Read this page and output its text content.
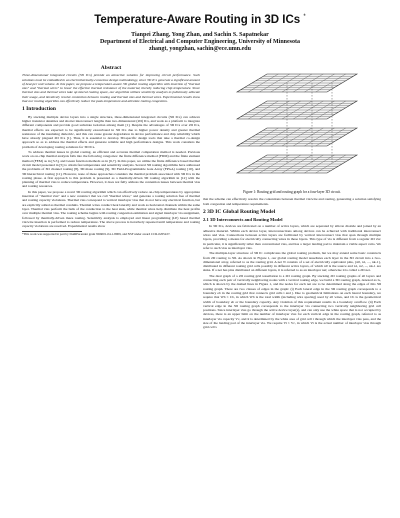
Temperature-Aware Routing in 3D ICs *
Tianpei Zhang, Yong Zhan, and Sachin S. Sapatnekar
Department of Electrical and Computer Engineering, University of Minnesota
zhangt, yongzhan, sachin@ece.umn.edu
Abstract
Three-dimensional integrated circuits (3D ICs) provide an attractive solution for improving circuit performance. Such solutions must be embedded in an electrothermally-conscious design methodology, since 3D ICs generate a significant amount of heat per unit volume. In this paper, we propose a temperature-aware 3D global routing algorithm with insertion of "thermal vias" and "thermal wires" to lower the effective thermal resistance of the material, thereby reducing chip temperature. Since thermal vias and thermal wires take up lateral routing space, our algorithm utilizes sensitivity analysis to judiciously allocate their usage, and iteratively resolve contention between routing and thermal vias and thermal wires. Experimental results show that our routing algorithm can effectively reduce the peak temperature and alleviate routing congestion.
1 Introduction

By stacking multiple device layers into a single structure, three-dimensional integrated circuits (3D ICs) can achieve higher transistor densities and shorter interconnect lengths than two-dimensional (2D) ICs, and work as a platform to integrate different components and provide good substrate isolation among them [1]. Despite the advantages of 3D ICs over 2D ICs, thermal effects are expected to be significantly exacerbated in 3D ICs due to higher power density and greater thermal resistance of the insulating dielectric, and this can cause greater degradation in device performance and chip reliability which have already plagued 2D ICs [1]. Thus, it is essential to develop 3D-specific design tools that take a thermal co-design approach so as to address the thermal effects and generate reliable and high performance designs. This work considers the problem of developing routing solutions for 3D ICs.

To address thermal issues in global routing, an efficient and accurate thermal computation method is needed. Previous work on on-chip thermal analysis falls into the following categories: the finite difference method (FDM) and the finite element method (FEM) as in [3-5], and Green function methods as in [6,7]. In this paper, we utilize the finite difference based thermal circuit model presented in [5] to obtain fast temperature and sensitivity analysis. Several 3D routing algorithms have addressed the problems of 3D channel routing [8], 3D maze routing [9], 3D Field-Programmable Gate Array (FPGA) routing [10], and 3D hierarchical routing [11]. However, none of these approaches considers the thermal problem associated with 3D ICs in the routing phase. A first approach to this problem is presented as a thermally-driven 3D routing algorithm in [12] with the planning of thermal vias to reduce temperature. However, it does not fully address the contention issues between thermal vias and routing resources.

In this paper, we propose a novel 3D routing algorithm which can effectively reduce on-chip temperatures by appropriate insertion of "thermal vias" and a new construct that we call "thermal wires," and generate a routing solution free of thermal and routing capacity violations. Thermal vias correspond to vertical interlayer vias that do not have any electrical function, but are explicitly added as thermal conduits. Thermal wires conduct heat laterally and work as horizontal channels within the same layer. Thermal vias perform the bulk of the conduction to the heat sink, while thermal wires help distribute the heat profile over multiple thermal vias. The routing scheme begins with routing congestion estimation and signal interlayer via assignment, followed by thermally-driven maze routing. Sensitivity analysis is employed and linear programming (LP) based thermal via/wire insertion is performed to reduce temperature. The above process is iteratively repeated until temperature and routing capacity violations are resolved. Experimental results show

*This work was supported in part by DARPA under grant N66001-04-1-8909, and NSF under award CCR-0205227.
Figure 1: Routing grid and routing graph for a four-layer 3D circuit.

that the scheme can effectively resolve the contentions between thermal via/wire and routing, generating a solution satisfying both congestion and temperature requirements.

2 3D IC Global Routing Model
2.1 3D Interconnects and Routing Model

In 3D ICs, devices are fabricated on a number of active layers, which are separated by silicon dioxide and joined by an adhesive material. Within each device layer, interconnections among devices can be achieved with traditional interconnect wires and vias. Connections between active layers are facilitated by vertical interconnect vias that span through multiple layers, providing a means for electrically connecting wires in these layers. This type of via is different from a regular 2D via: in particular, it is significantly taller than conventional vias, and has a larger landing pad to maintain a viable aspect ratio. We refer to such vias as interlayer vias.

The multiple-layer structure of 3D IC complicates the global routing problem, but we may extend some basic constructs from 2D routing to 3D. As shown in Figure 1, our global routing model tessellates each layer in the 3D circuit into a two-dimensional array, referred to as the routing grid. A net N consists of a set of electrically equivalent pins, {n0, n1, ..., nk-1}, distributed in different routing grid cells possibly in different active layers, of which n0 is the source and n1, n2, ..., nk-1 are sinks. If a net has pins distributed on different layers, it is referred to as an interlayer net; otherwise it is called a 2D net.

The dual graph of a 2D routing grid tessellation is a 2D routing graph. By stacking 2D routing graphs of all layers and connecting each pair of vertically neighboring nodes with a vertical routing edge, we build a 3D routing graph, denoted as G, which is shown by the dashed lines in Figure 1, and the nodes for each net are to be determined along the edges of this 3D routing graph. There are two classes of edges in the graph: (i) Each lateral edge in the 3D routing graph corresponds to a boundary eb in the routing grid that connects grid cells i and j. Due to geometrical limitations on each lateral boundary, we require that Wb ≤ Cb, in which Wb is the total width (including wire spacing) used by all wires, and Cb is the geometrical width of boundary eb or the boundary capacity. Any violation of this requirement results in a boundary overflow. (ii) Each vertical edge in the 3D routing graph corresponds to the interlayer via connecting two vertically neighboring grid cell positions. Since interlayer vias go through the active device layer(s), and can only use the white space that is not occupied by devices, there is an upper limit on the number of interlayer vias for each vertical edge in the routing graph, referred to as interlayer via capacity Vc, and it is determined by the white area of grid cell i through which the interlayer vias pass, and the size of the landing pad of the interlayer via. We require Vi ≤ Vc, in which Vi is the actual number of interlayer vias through grid cell i.
